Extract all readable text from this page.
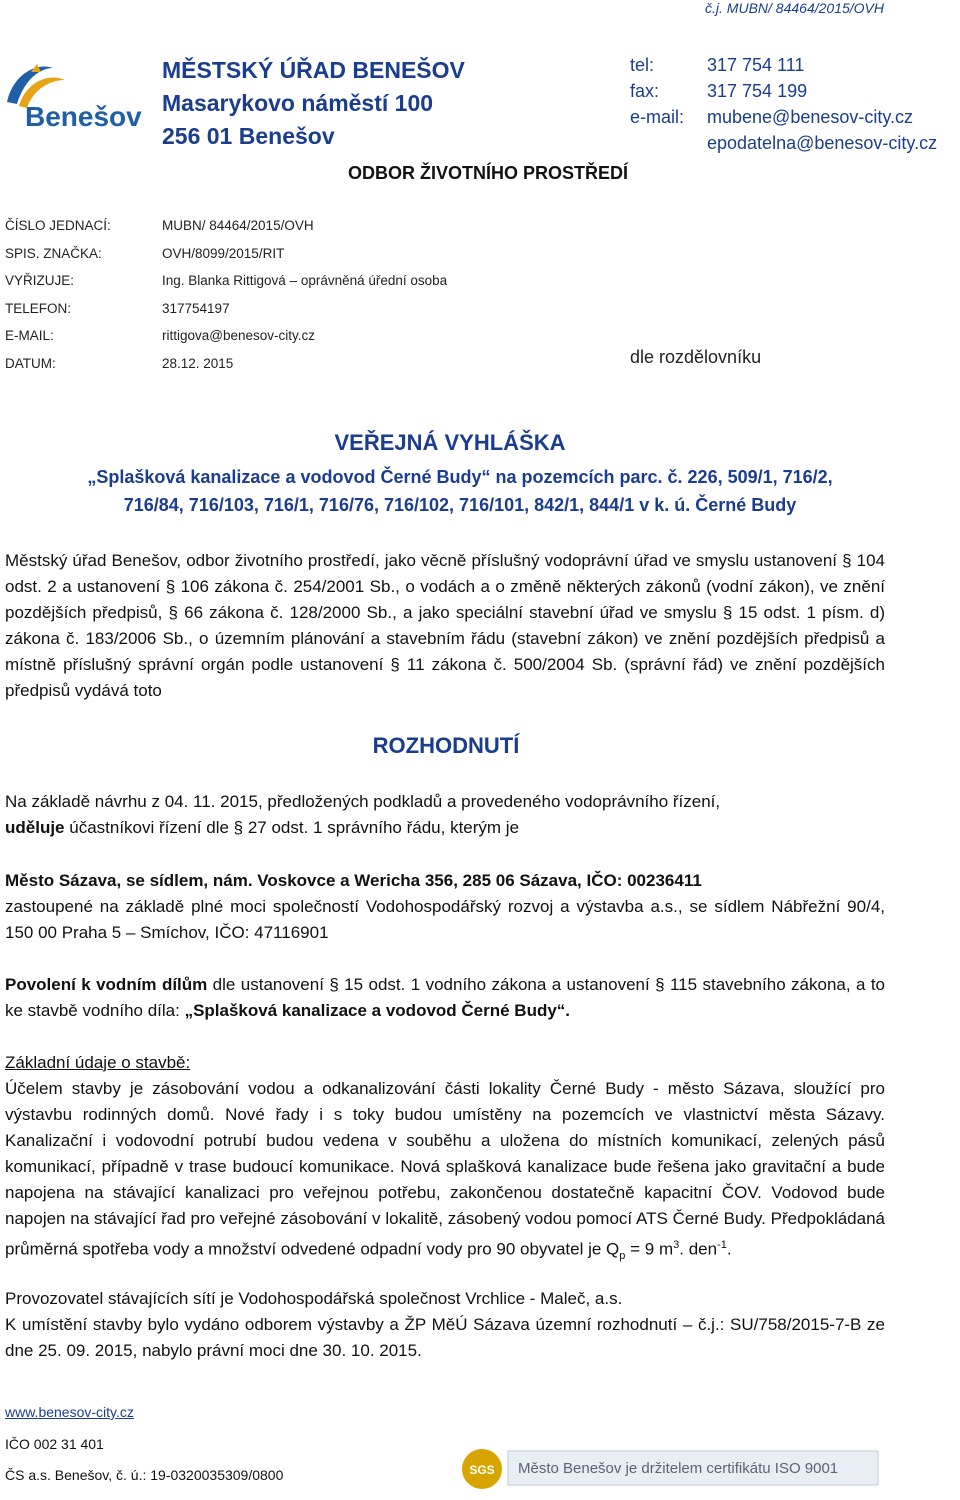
č.j. MUBN/ 84464/2015/OVH
Benešov
MĚSTSKÝ ÚŘAD BENEŠOV
Masarykovo náměstí 100
256 01 Benešov
ODBOR ŽIVOTNÍHO PROSTŘEDÍ
tel:	317 754 111
fax:	317 754 199
e-mail: mubene@benesov-city.cz
epodatelna@benesov-city.cz
ČÍSLO JEDNACÍ:	MUBN/ 84464/2015/OVH
SPIS. ZNAČKA:	OVH/8099/2015/RIT
VYŘIZUJE:	Ing. Blanka Rittigová – oprávněná úřední osoba
TELEFON:	317754197
E-MAIL:	rittigova@benesov-city.cz
DATUM:	28.12. 2015	dle rozdělovníku
VEŘEJNÁ VYHLÁŠKA
„Splašková kanalizace a vodovod Černé Budy“ na pozemcích parc. č. 226, 509/1, 716/2,
716/84, 716/103, 716/1, 716/76, 716/102, 716/101, 842/1, 844/1 v k. ú. Černé Budy
Městský úřad Benešov, odbor životního prostředí, jako věcně příslušný vodoprávní úřad ve smyslu ustanovení § 104 odst. 2 a ustanovení § 106 zákona č. 254/2001 Sb., o vodách a o změně některých zákonů (vodní zákon), ve znění pozdějších předpisů, § 66 zákona č. 128/2000 Sb., a jako speciální stavební úřad ve smyslu § 15 odst. 1 písm. d) zákona č. 183/2006 Sb., o územním plánování a stavebním řádu (stavební zákon) ve znění pozdějších předpisů a místně příslušný správní orgán podle ustanovení § 11 zákona č. 500/2004 Sb. (správní řád) ve znění pozdějších předpisů vydává toto
ROZHODNUTÍ
Na základě návrhu z 04. 11. 2015, předložených podkladů a provedeného vodoprávního řízení,
uděluje účastníkovi řízení dle § 27 odst. 1 správního řádu, kterým je
Město Sázava, se sídlem, nám. Voskovce a Wericha 356, 285 06 Sázava, IČO: 00236411
zastoupené na základě plné moci společností Vodohospodářský rozvoj a výstavba a.s., se sídlem Nábřežní 90/4, 150 00 Praha 5 – Smíchov, IČO: 47116901
Povolení k vodním dílům dle ustanovení § 15 odst. 1 vodního zákona a ustanovení § 115 stavebního zákona, a to ke stavbě vodního díla: „Splašková kanalizace a vodovod Černé Budy“.
Základní údaje o stavbě:
Účelem stavby je zásobování vodou a odkanalizování části lokality Černé Budy - město Sázava, sloužící pro výstavbu rodinných domů. Nové řady i s toky budou umístěny na pozemcích ve vlastnictví města Sázavy. Kanalizační i vodovodní potrubí budou vedena v souběhu a uložena do místních komunikací, zelených pásů komunikací, případně v trase budoucí komunikace. Nová splašková kanalizace bude řešena jako gravitační a bude napojena na stávající kanalizaci pro veřejnou potřebu, zakončenou dostatečně kapacitní ČOV. Vodovod bude napojen na stávající řad pro veřejné zásobování v lokalitě, zásobený vodou pomocí ATS Černé Budy. Předpokládaná průměrná spotřeba vody a množství odvedené odpadní vody pro 90 obyvatel je $Q_p = 9$ $m^3$. den$^{-1}$.
Provozovatel stávajících sítí je Vodohospodářská společnost Vrchlice - Maleč, a.s.
K umístění stavby bylo vydáno odborem výstavby a ŽP MěÚ Sázava územní rozhodnutí – č.j.: SU/758/2015-7-B ze dne 25. 09. 2015, nabylo právní moci dne 30. 10. 2015.
www.benesov-city.cz
IČO 002 31 401
ČS a.s. Benešov, č. ú.: 19-0320035309/0800	SGS Město Benešov je držitelem certifikátu ISO 9001
